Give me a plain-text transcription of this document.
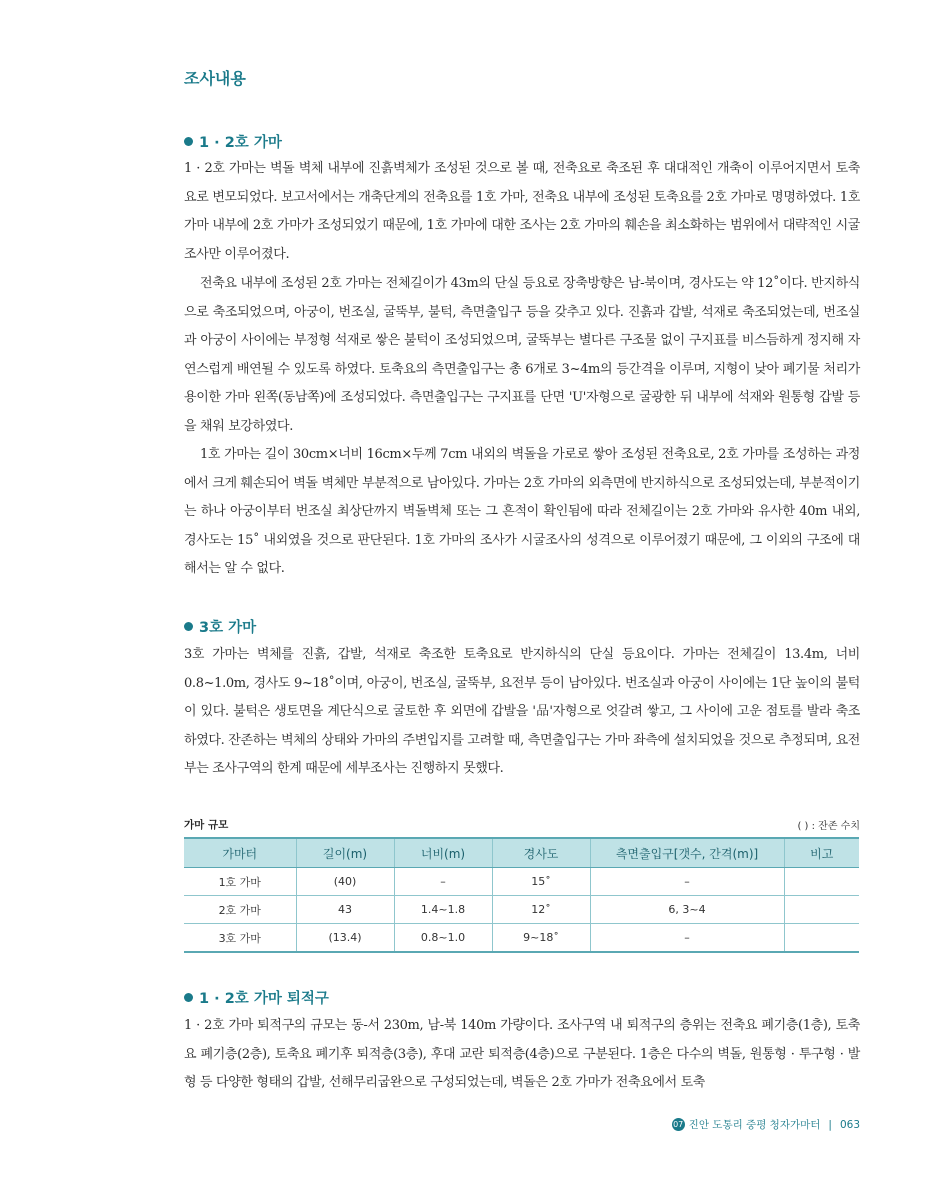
조사내용
1 · 2호 가마

1 · 2호 가마는 벽돌 벽체 내부에 진흙벽체가 조성된 것으로 볼 때, 전축요로 축조된 후 대대적인 개축이 이루어지면서 토축요로 변모되었다. 보고서에서는 개축단계의 전축요를 1호 가마, 전축요 내부에 조성된 토축요를 2호 가마로 명명하였다. 1호 가마 내부에 2호 가마가 조성되었기 때문에, 1호 가마에 대한 조사는 2호 가마의 훼손을 최소화하는 범위에서 대략적인 시굴조사만 이루어졌다.

전축요 내부에 조성된 2호 가마는 전체길이가 43m의 단실 등요로 장축방향은 남-북이며, 경사도는 약 12˚이다. 반지하식으로 축조되었으며, 아궁이, 번조실, 굴뚝부, 불턱, 측면출입구 등을 갖추고 있다. 진흙과 갑발, 석재로 축조되었는데, 번조실과 아궁이 사이에는 부정형 석재로 쌓은 불턱이 조성되었으며, 굴뚝부는 별다른 구조물 없이 구지표를 비스듬하게 정지해 자연스럽게 배연될 수 있도록 하였다. 토축요의 측면출입구는 총 6개로 3~4m의 등간격을 이루며, 지형이 낮아 폐기물 처리가 용이한 가마 왼쪽(동남쪽)에 조성되었다. 측면출입구는 구지표를 단면 'U'자형으로 굴광한 뒤 내부에 석재와 원통형 갑발 등을 채워 보강하였다.

1호 가마는 길이 30cm×너비 16cm×두께 7cm 내외의 벽돌을 가로로 쌓아 조성된 전축요로, 2호 가마를 조성하는 과정에서 크게 훼손되어 벽돌 벽체만 부분적으로 남아있다. 가마는 2호 가마의 외측면에 반지하식으로 조성되었는데, 부분적이기는 하나 아궁이부터 번조실 최상단까지 벽돌벽체 또는 그 흔적이 확인됨에 따라 전체길이는 2호 가마와 유사한 40m 내외, 경사도는 15˚ 내외였을 것으로 판단된다. 1호 가마의 조사가 시굴조사의 성격으로 이루어졌기 때문에, 그 이외의 구조에 대해서는 알 수 없다.

3호 가마

3호 가마는 벽체를 진흙, 갑발, 석재로 축조한 토축요로 반지하식의 단실 등요이다. 가마는 전체길이 13.4m, 너비 0.8~1.0m, 경사도 9~18˚이며, 아궁이, 번조실, 굴뚝부, 요전부 등이 남아있다. 번조실과 아궁이 사이에는 1단 높이의 불턱이 있다. 불턱은 생토면을 계단식으로 굴토한 후 외면에 갑발을 '品'자형으로 엇갈려 쌓고, 그 사이에 고운 점토를 발라 축조하였다. 잔존하는 벽체의 상태와 가마의 주변입지를 고려할 때, 측면출입구는 가마 좌측에 설치되었을 것으로 추정되며, 요전부는 조사구역의 한계 때문에 세부조사는 진행하지 못했다.

가마 규모	( ) : 잔존 수치
가마터	길이(m)	너비(m)	경사도	측면출입구[갯수, 간격(m)]	비고
1호 가마	(40)	–	15˚	–	
2호 가마	43	1.4~1.8	12˚	6, 3~4	
3호 가마	(13.4)	0.8~1.0	9~18˚	–	
1 · 2호 가마 퇴적구

1 · 2호 가마 퇴적구의 규모는 동-서 230m, 남-북 140m 가량이다. 조사구역 내 퇴적구의 층위는 전축요 폐기층(1층), 토축요 폐기층(2층), 토축요 폐기후 퇴적층(3층), 후대 교란 퇴적층(4층)으로 구분된다. 1층은 다수의 벽돌, 원통형 · 투구형 · 발형 등 다양한 형태의 갑발, 선해무리굽완으로 구성되었는데, 벽돌은 2호 가마가 전축요에서 토축

07 진안 도통리 중평 청자가마터 | 063
